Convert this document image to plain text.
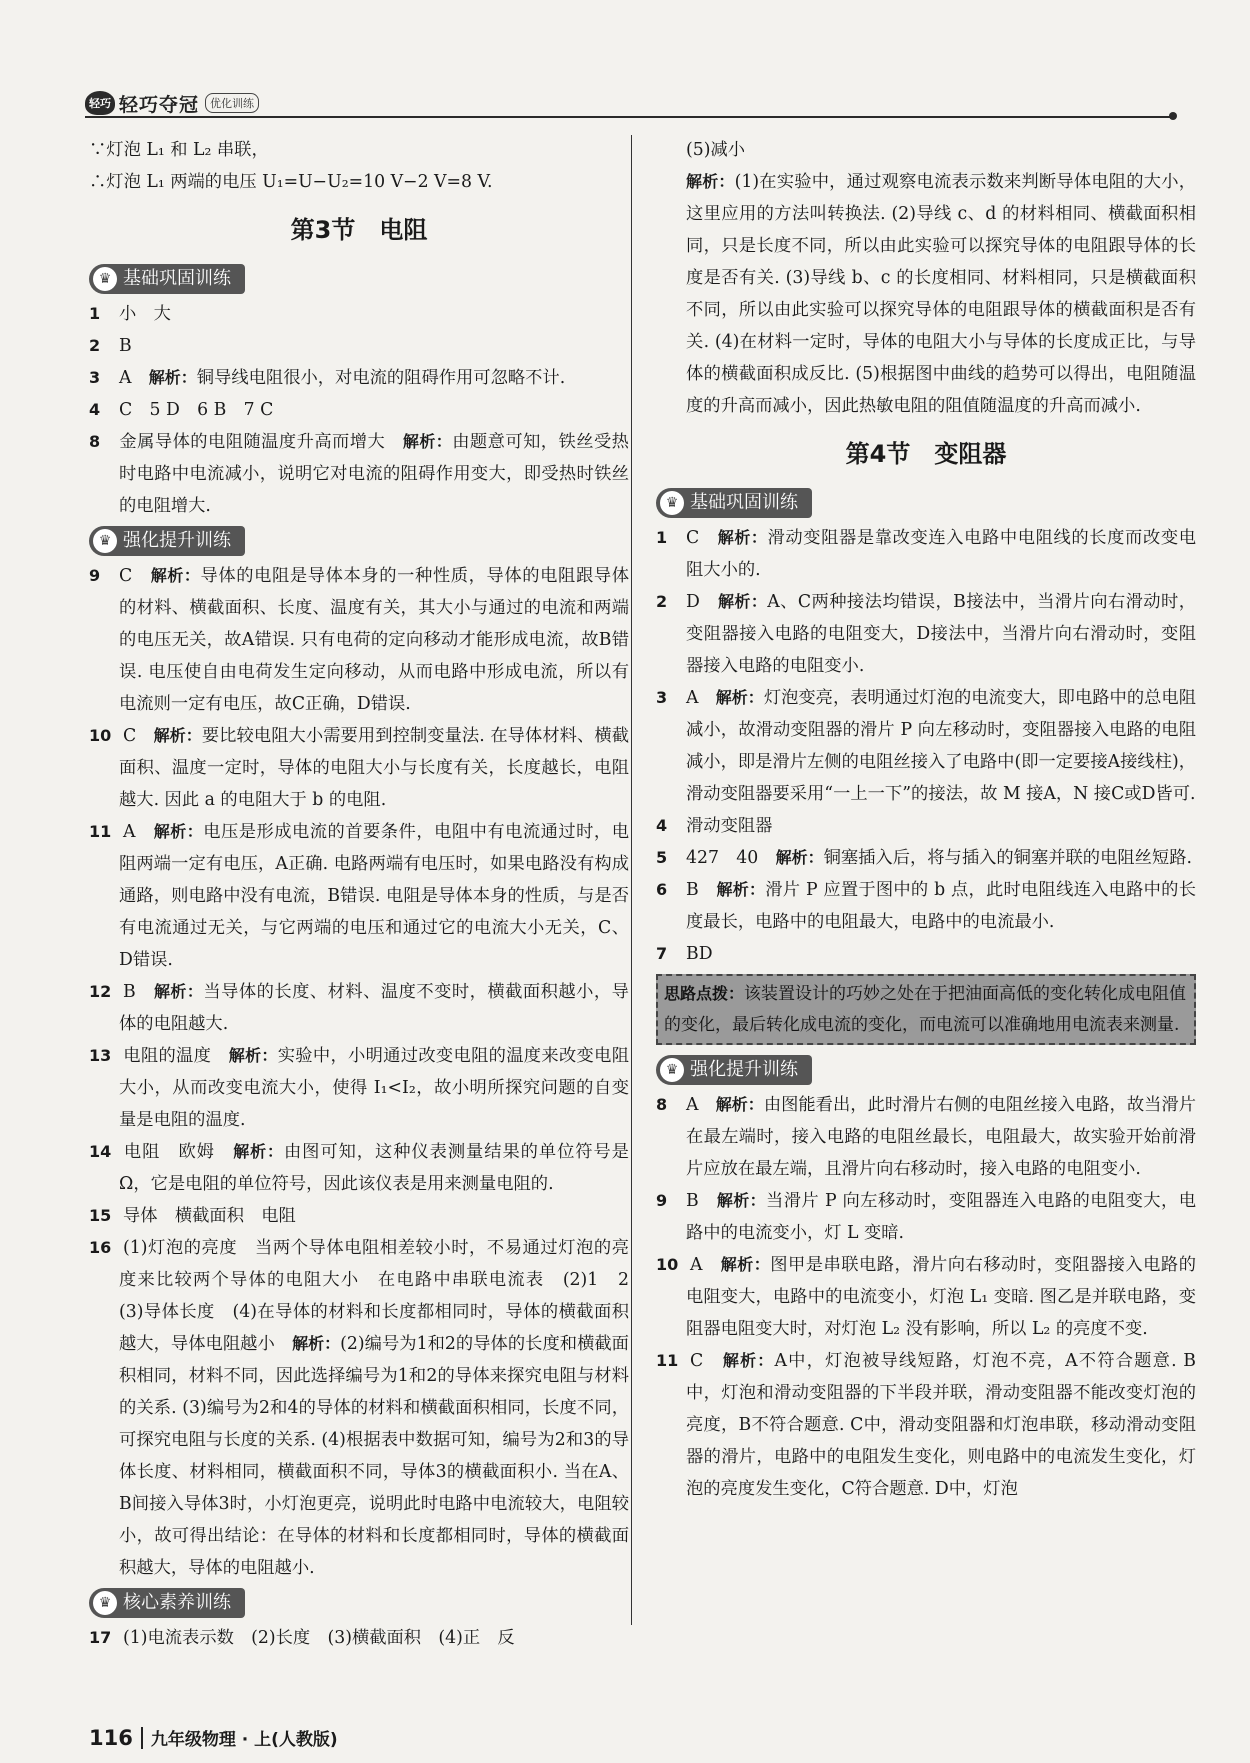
轻巧 轻巧夺冠	优化训练

∵灯泡 L₁ 和 L₂ 串联，

∴灯泡 L₁ 两端的电压 U₁=U−U₂=10 V−2 V=8 V.

第3节　电阻
♛ 基础巩固训练

1 小　大

2 B

3 A　 解析：铜导线电阻很小，对电流的阻碍作用可忽略不计.

4 C　5 D　6 B　7 C

8 金属导体的电阻随温度升高而增大　 解析：由题意可知，铁丝受热时电路中电流减小，说明它对电流的阻碍作用变大，即受热时铁丝的电阻增大.

♛ 强化提升训练

9 C　 解析：导体的电阻是导体本身的一种性质，导体的电阻跟导体的材料、横截面积、长度、温度有关，其大小与通过的电流和两端的电压无关，故A错误. 只有电荷的定向移动才能形成电流，故B错误. 电压使自由电荷发生定向移动，从而电路中形成电流，所以有电流则一定有电压，故C正确，D错误.

10 C　 解析：要比较电阻大小需要用到控制变量法. 在导体材料、横截面积、温度一定时，导体的电阻大小与长度有关，长度越长，电阻越大. 因此 a 的电阻大于 b 的电阻.

11 A　 解析：电压是形成电流的首要条件，电阻中有电流通过时，电阻两端一定有电压，A正确. 电路两端有电压时，如果电路没有构成通路，则电路中没有电流，B错误. 电阻是导体本身的性质，与是否有电流通过无关，与它两端的电压和通过它的电流大小无关，C、D错误.

12 B　 解析：当导体的长度、材料、温度不变时，横截面积越小，导体的电阻越大.

13 电阻的温度　 解析：实验中，小明通过改变电阻的温度来改变电阻大小，从而改变电流大小，使得 I₁<I₂，故小明所探究问题的自变量是电阻的温度.

14 电阻　欧姆　 解析：由图可知，这种仪表测量结果的单位符号是Ω，它是电阻的单位符号，因此该仪表是用来测量电阻的.

15 导体　横截面积　电阻

16 (1)灯泡的亮度　当两个导体电阻相差较小时，不易通过灯泡的亮度来比较两个导体的电阻大小　在电路中串联电流表　(2)1　2　(3)导体长度　(4)在导体的材料和长度都相同时，导体的横截面积越大，导体电阻越小　 解析：(2)编号为1和2的导体的长度和横截面积相同，材料不同，因此选择编号为1和2的导体来探究电阻与材料的关系. (3)编号为2和4的导体的材料和横截面积相同，长度不同，可探究电阻与长度的关系. (4)根据表中数据可知，编号为2和3的导体长度、材料相同，横截面积不同，导体3的横截面积小. 当在A、B间接入导体3时，小灯泡更亮，说明此时电路中电流较大，电阻较小，故可得出结论：在导体的材料和长度都相同时，导体的横截面积越大，导体的电阻越小.

♛ 核心素养训练

17 (1)电流表示数　(2)长度　(3)横截面积　(4)正　反

(5)减小

解析：(1)在实验中，通过观察电流表示数来判断导体电阻的大小，这里应用的方法叫转换法. (2)导线 c、d 的材料相同、横截面积相同，只是长度不同，所以由此实验可以探究导体的电阻跟导体的长度是否有关. (3)导线 b、c 的长度相同、材料相同，只是横截面积不同，所以由此实验可以探究导体的电阻跟导体的横截面积是否有关. (4)在材料一定时，导体的电阻大小与导体的长度成正比，与导体的横截面积成反比. (5)根据图中曲线的趋势可以得出，电阻随温度的升高而减小，因此热敏电阻的阻值随温度的升高而减小.

第4节　变阻器
♛ 基础巩固训练

1 C　 解析：滑动变阻器是靠改变连入电路中电阻线的长度而改变电阻大小的.

2 D　 解析：A、C两种接法均错误，B接法中，当滑片向右滑动时，变阻器接入电路的电阻变大，D接法中，当滑片向右滑动时，变阻器接入电路的电阻变小.

3 A　 解析：灯泡变亮，表明通过灯泡的电流变大，即电路中的总电阻减小，故滑动变阻器的滑片 P 向左移动时，变阻器接入电路的电阻减小，即是滑片左侧的电阻丝接入了电路中(即一定要接A接线柱)，滑动变阻器要采用“一上一下”的接法，故 M 接A，N 接C或D皆可.

4 滑动变阻器

5 427　40　 解析：铜塞插入后，将与插入的铜塞并联的电阻丝短路.

6 B　 解析：滑片 P 应置于图中的 b 点，此时电阻线连入电路中的长度最长，电路中的电阻最大，电路中的电流最小.

7 BD

思路点拨：该装置设计的巧妙之处在于把油面高低的变化转化成电阻值的变化，最后转化成电流的变化，而电流可以准确地用电流表来测量.
♛ 强化提升训练

8 A　 解析：由图能看出，此时滑片右侧的电阻丝接入电路，故当滑片在最左端时，接入电路的电阻丝最长，电阻最大，故实验开始前滑片应放在最左端，且滑片向右移动时，接入电路的电阻变小.

9 B　 解析：当滑片 P 向左移动时，变阻器连入电路的电阻变大，电路中的电流变小，灯 L 变暗.

10 A　 解析：图甲是串联电路，滑片向右移动时，变阻器接入电路的电阻变大，电路中的电流变小，灯泡 L₁ 变暗. 图乙是并联电路，变阻器电阻变大时，对灯泡 L₂ 没有影响，所以 L₂ 的亮度不变.

11 C　 解析：A中，灯泡被导线短路，灯泡不亮，A不符合题意. B中，灯泡和滑动变阻器的下半段并联，滑动变阻器不能改变灯泡的亮度，B不符合题意. C中，滑动变阻器和灯泡串联，移动滑动变阻器的滑片，电路中的电阻发生变化，则电路中的电流发生变化，灯泡的亮度发生变化，C符合题意. D中，灯泡

116 九年级物理 · 上(人教版)
